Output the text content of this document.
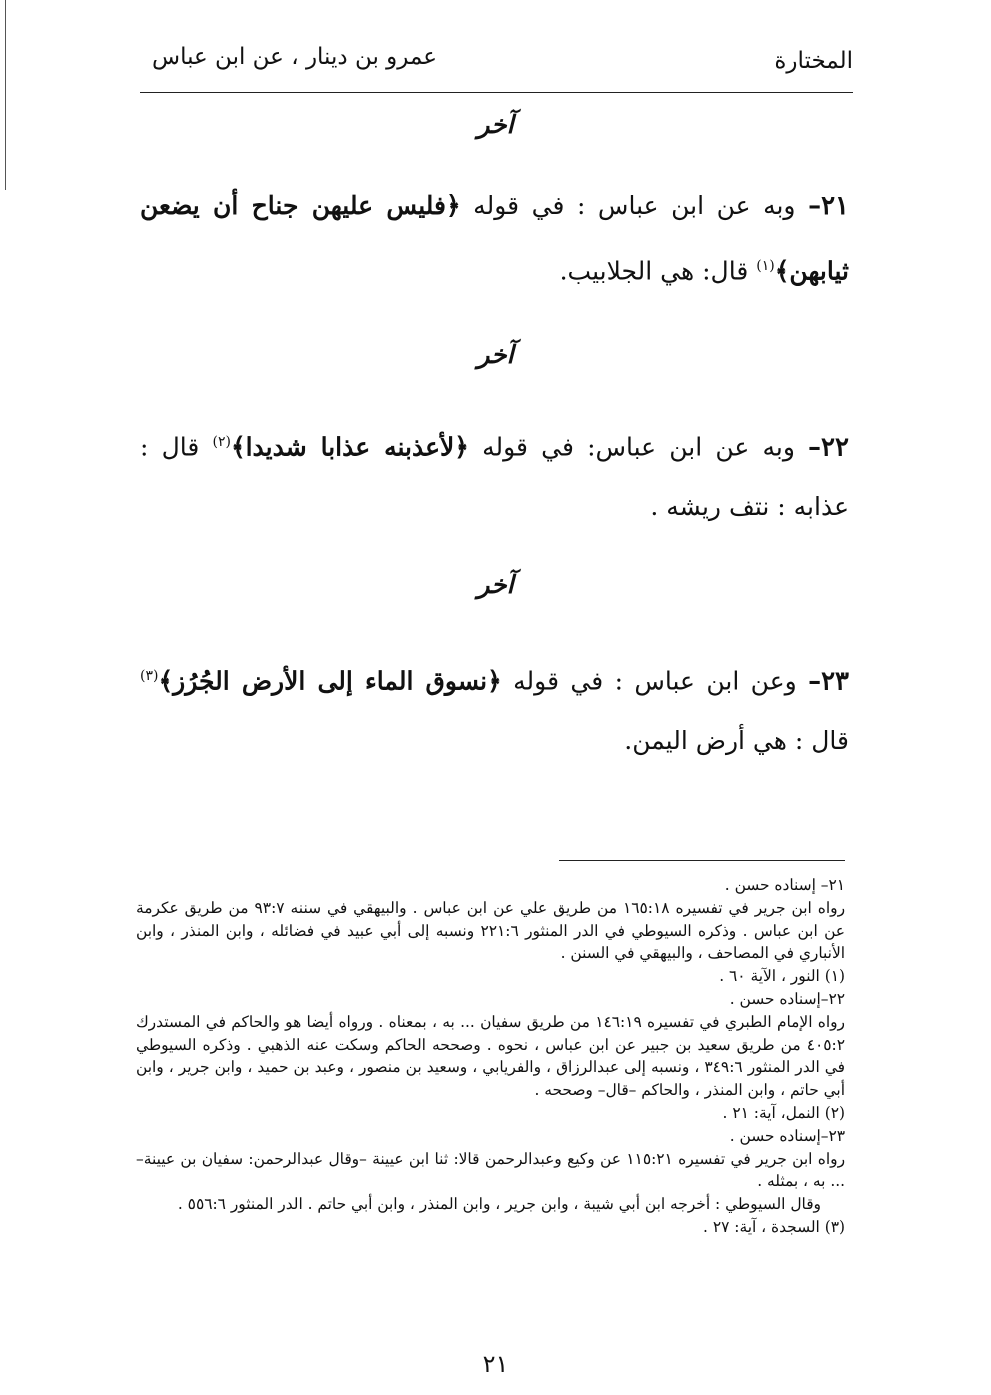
المختارة
عمرو بن دينار ، عن ابن عباس
آخر
٢١– وبه عن ابن عباس : في قوله ﴿فليس عليهن جناح أن يضعن ثيابهن﴾$^{(١)}$ قال: هي الجلابيب.
آخر
٢٢– وبه عن ابن عباس: في قوله ﴿لأعذبنه عذابا شديدا﴾$^{(٢)}$ قال : عذابه : نتف ريشه .
آخر
٢٣– وعن ابن عباس : في قوله ﴿نسوق الماء إلى الأرض الجُرُز﴾$^{(٣)}$ قال : هي أرض اليمن.

٢١– إسناده حسن .

رواه ابن جرير في تفسيره ١٦٥:١٨ من طريق علي عن ابن عباس . والبيهقي في سننه ٩٣:٧ من طريق عكرمة عن ابن عباس . وذكره السيوطي في الدر المنثور ٢٢١:٦ ونسبه إلى أبي عبيد في فضائله ، وابن المنذر ، وابن الأنباري في المصاحف ، والبيهقي في السنن .

(١) النور ، الآية ٦٠ .

٢٢–إسناده حسن .

رواه الإمام الطبري في تفسيره ١٤٦:١٩ من طريق سفيان ... به ، بمعناه . ورواه أيضا هو والحاكم في المستدرك ٤٠٥:٢ من طريق سعيد بن جبير عن ابن عباس ، نحوه . وصححه الحاكم وسكت عنه الذهبي . وذكره السيوطي في الدر المنثور ٣٤٩:٦ ، ونسبه إلى عبدالرزاق ، والفريابي ، وسعيد بن منصور ، وعبد بن حميد ، وابن جرير ، وابن أبي حاتم ، وابن المنذر ، والحاكم –قال– وصححه .

(٢) النمل، آية: ٢١ .

٢٣–إسناده حسن .

رواه ابن جرير في تفسيره ١١٥:٢١ عن وكيع وعبدالرحمن قالا: ثنا ابن عيينة –وقال عبدالرحمن: سفيان بن عيينة– ... به ، بمثله .

وقال السيوطي : أخرجه ابن أبي شيبة ، وابن جرير ، وابن المنذر ، وابن أبي حاتم . الدر المنثور ٥٥٦:٦ .

(٣) السجدة ، آية: ٢٧ .

٢١
